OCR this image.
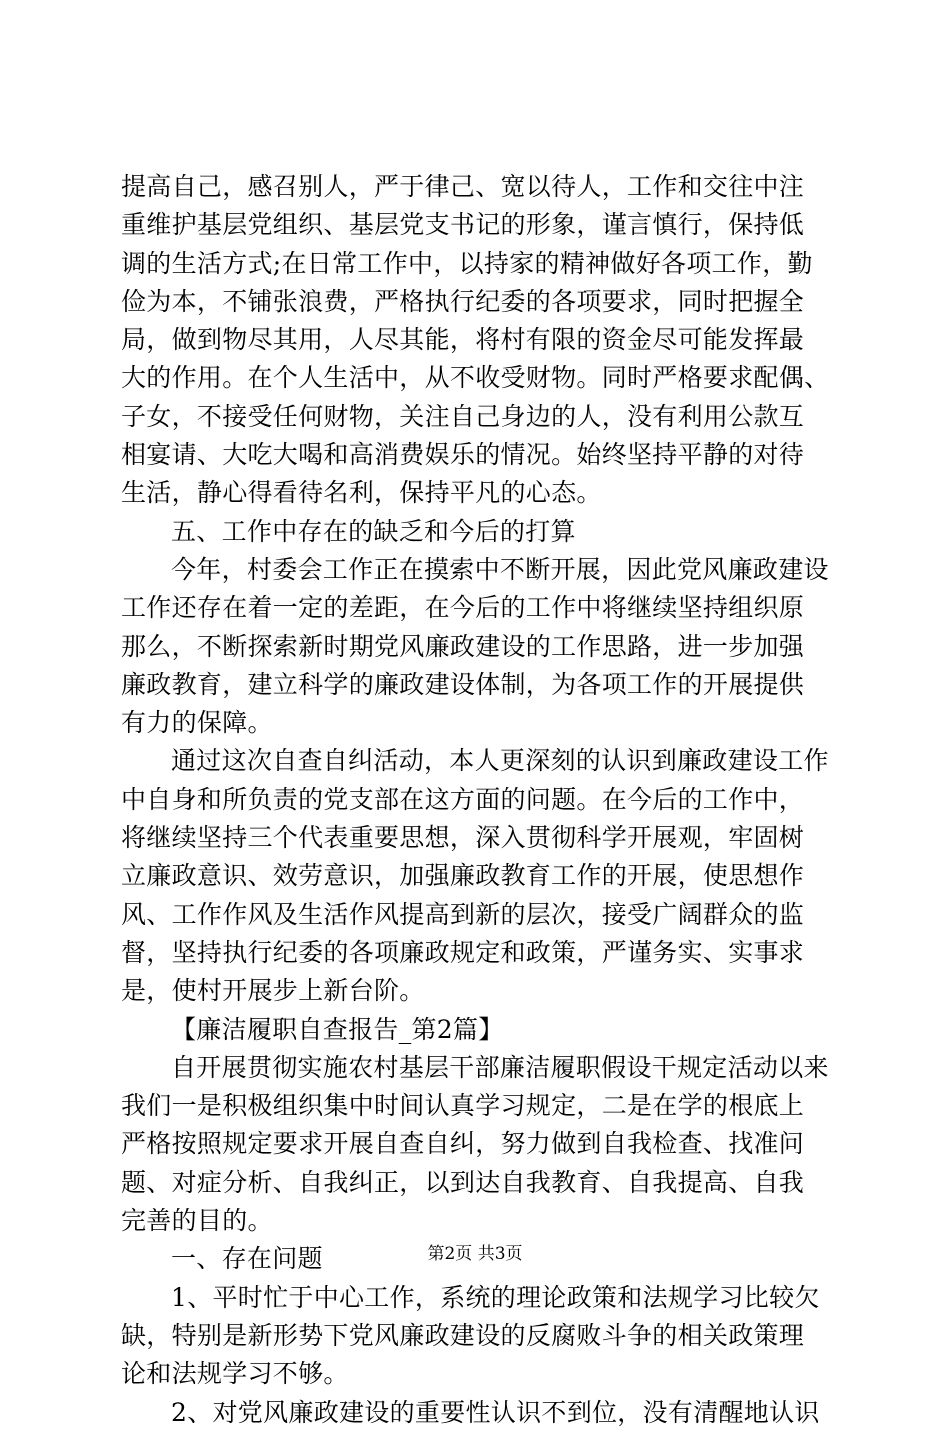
提高自己，感召别人，严于律己、宽以待人，工作和交往中注
重维护基层党组织、基层党支书记的形象，谨言慎行，保持低
调的生活方式;在日常工作中，以持家的精神做好各项工作，勤
俭为本，不铺张浪费，严格执行纪委的各项要求，同时把握全
局，做到物尽其用，人尽其能，将村有限的资金尽可能发挥最
大的作用。在个人生活中，从不收受财物。同时严格要求配偶、
子女，不接受任何财物，关注自己身边的人，没有利用公款互
相宴请、大吃大喝和高消费娱乐的情况。始终坚持平静的对待
生活，静心得看待名利，保持平凡的心态。
五、工作中存在的缺乏和今后的打算
今年，村委会工作正在摸索中不断开展，因此党风廉政建设
工作还存在着一定的差距，在今后的工作中将继续坚持组织原
那么，不断探索新时期党风廉政建设的工作思路，进一步加强
廉政教育，建立科学的廉政建设体制，为各项工作的开展提供
有力的保障。
通过这次自查自纠活动，本人更深刻的认识到廉政建设工作
中自身和所负责的党支部在这方面的问题。在今后的工作中，
将继续坚持三个代表重要思想，深入贯彻科学开展观，牢固树
立廉政意识、效劳意识，加强廉政教育工作的开展，使思想作
风、工作作风及生活作风提高到新的层次，接受广阔群众的监
督，坚持执行纪委的各项廉政规定和政策，严谨务实、实事求
是，使村开展步上新台阶。
【廉洁履职自查报告_第2篇】
自开展贯彻实施农村基层干部廉洁履职假设干规定活动以来
我们一是积极组织集中时间认真学习规定，二是在学的根底上
严格按照规定要求开展自查自纠，努力做到自我检查、找准问
题、对症分析、自我纠正，以到达自我教育、自我提高、自我
完善的目的。
一、存在问题
1、平时忙于中心工作，系统的理论政策和法规学习比较欠
缺，特别是新形势下党风廉政建设的反腐败斗争的相关政策理
论和法规学习不够。
2、对党风廉政建设的重要性认识不到位，没有清醒地认识
第2页 共3页
